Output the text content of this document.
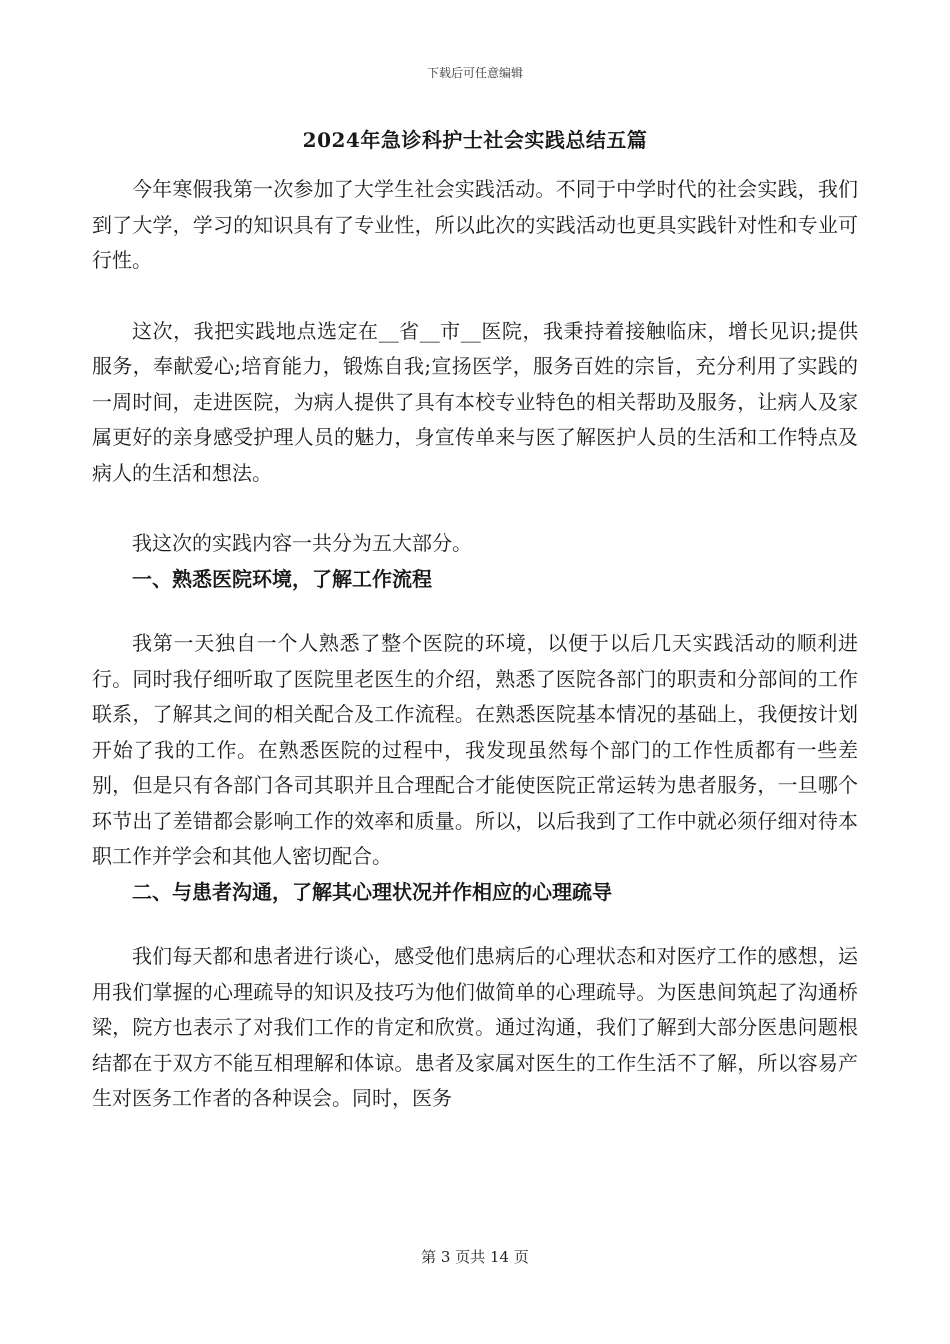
下载后可任意编辑
2024年急诊科护士社会实践总结五篇

今年寒假我第一次参加了大学生社会实践活动。不同于中学时代的社会实践，我们到了大学，学习的知识具有了专业性，所以此次的实践活动也更具实践针对性和专业可行性。

这次，我把实践地点选定在__省__市__医院，我秉持着接触临床，增长见识;提供服务，奉献爱心;培育能力，锻炼自我;宣扬医学，服务百姓的宗旨，充分利用了实践的一周时间，走进医院，为病人提供了具有本校专业特色的相关帮助及服务，让病人及家属更好的亲身感受护理人员的魅力，身宣传单来与医了解医护人员的生活和工作特点及病人的生活和想法。

我这次的实践内容一共分为五大部分。

一、熟悉医院环境，了解工作流程

我第一天独自一个人熟悉了整个医院的环境，以便于以后几天实践活动的顺利进行。同时我仔细听取了医院里老医生的介绍，熟悉了医院各部门的职责和分部间的工作联系，了解其之间的相关配合及工作流程。在熟悉医院基本情况的基础上，我便按计划开始了我的工作。在熟悉医院的过程中，我发现虽然每个部门的工作性质都有一些差别，但是只有各部门各司其职并且合理配合才能使医院正常运转为患者服务，一旦哪个环节出了差错都会影响工作的效率和质量。所以，以后我到了工作中就必须仔细对待本职工作并学会和其他人密切配合。

二、与患者沟通，了解其心理状况并作相应的心理疏导

我们每天都和患者进行谈心，感受他们患病后的心理状态和对医疗工作的感想，运用我们掌握的心理疏导的知识及技巧为他们做简单的心理疏导。为医患间筑起了沟通桥梁，院方也表示了对我们工作的肯定和欣赏。通过沟通，我们了解到大部分医患问题根结都在于双方不能互相理解和体谅。患者及家属对医生的工作生活不了解，所以容易产生对医务工作者的各种误会。同时，医务

第 3 页共 14 页
